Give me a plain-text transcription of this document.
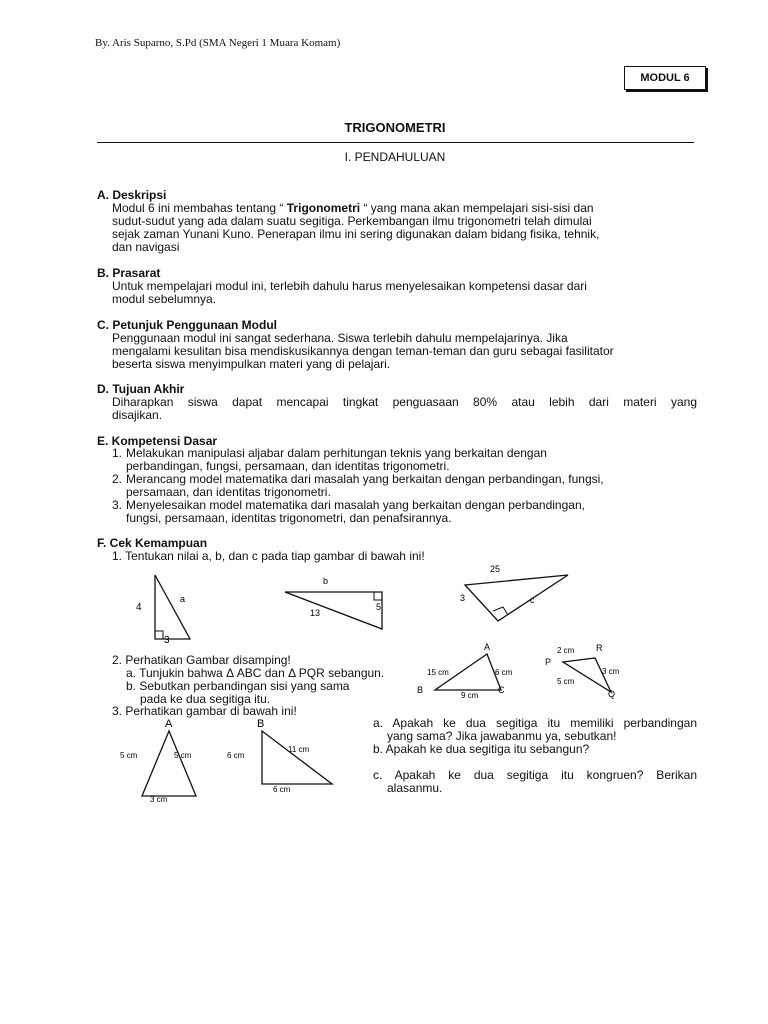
By. Aris Suparno, S.Pd (SMA Negeri 1 Muara Komam)
MODUL 6
TRIGONOMETRI
I. PENDAHULUAN
A. Deskripsi
Modul 6 ini membahas tentang “ Trigonometri “ yang mana akan mempelajari sisi-sisi dan
sudut-sudut yang ada dalam suatu segitiga. Perkembangan ilmu trigonometri telah dimulai
sejak zaman Yunani Kuno. Penerapan ilmu ini sering digunakan dalam bidang fisika, tehnik,
dan navigasi
B. Prasarat
Untuk mempelajari modul ini, terlebih dahulu harus menyelesaikan kompetensi dasar dari
modul sebelumnya.
C. Petunjuk Penggunaan Modul
Penggunaan modul ini sangat sederhana. Siswa terlebih dahulu mempelajarinya. Jika
mengalami kesulitan bisa mendiskusikannya dengan teman-teman dan guru sebagai fasilitator
beserta siswa menyimpulkan materi yang di pelajari.
D. Tujuan Akhir
Diharapkan siswa dapat mencapai tingkat penguasaan 80% atau lebih dari materi yang
disajikan.
E. Kompetensi Dasar
1. Melakukan manipulasi aljabar dalam perhitungan teknis yang berkaitan dengan
perbandingan, fungsi, persamaan, dan identitas trigonometri.
2. Merancang model matematika dari masalah yang berkaitan dengan perbandingan, fungsi,
persamaan, dan identitas trigonometri.
3. Menyelesaikan model matematika dari masalah yang berkaitan dengan perbandingan,
fungsi, persamaan, identitas trigonometri, dan penafsirannya.
F. Cek Kemampuan
1. Tentukan nilai a, b, dan c pada tiap gambar di bawah ini!
4
a
3
b
13
5
25
3	c
2. Perhatikan Gambar disamping!
a. Tunjukin bahwa Δ ABC dan Δ PQR sebangun.
b. Sebutkan perbandingan sisi yang sama
pada ke dua segitiga itu.
A
B	C
15 cm	6 cm
9 cm
P
R
Q
2 cm
3 cm
5 cm
3. Perhatikan gambar di bawah ini!
A
5 cm	5 cm
3 cm
B
6 cm
11 cm
6 cm
a. Apakah ke dua segitiga itu memiliki perbandingan
yang sama? Jika jawabanmu ya, sebutkan!
b. Apakah ke dua segitiga itu sebangun?
c. Apakah ke dua segitiga itu kongruen? Berikan
alasanmu.
